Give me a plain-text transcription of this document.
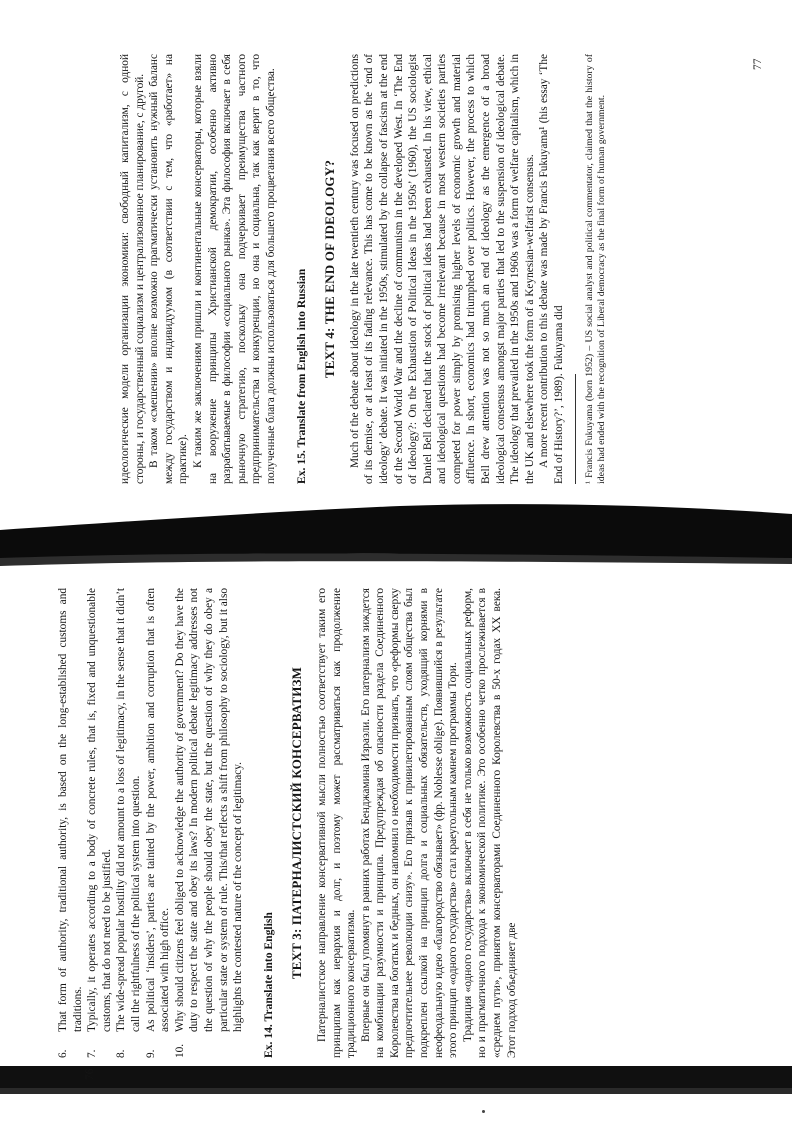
6.
That form of authority, traditional authority, is based on the long-established customs and traditions.
7.
Typically, it operates according to a body of concrete rules, that is, fixed and unquestionable customs, that do not need to be justified.
8.
The wide-spread popular hostility did not amount to a loss of legitimacy, in the sense that it didn’t call the rightfulness of the political system into question.
9.
As political ‘insiders’, parties are tainted by the power, ambition and corruption that is often associated with high office.
10.
Why should citizens feel obliged to acknowledge the authority of government? Do they have the duty to respect the state and obey its laws? In modern political debate legitimacy addresses not the question of why the people should obey the state, but the question of why they do obey a particular state or system of rule. This/that reflects a shift from philosophy to sociology, but it also highlights the contested nature of the concept of legitimacy. Ex. 14. Translate into English
TEXT 3: ПАТЕРНАЛИСТСКИЙ КОНСЕРВАТИЗМ Патерналистское направление консервативной мысли полностью соответствует таким его принципам как иерархия и долг, и поэтому может рассматриваться как продолжение традиционного консерватизма. Впервые он был упомянут в ранних работах Бенджамина Израэли. Его патернализм зиждется на комбинации разумности и принципа. Предупреждая об опасности раздела Соединенного Королевства на богатых и бедных, он напомнил о необходимости признать, что «реформы сверху предпочтительнее революции снизу». Его призыв к привилегированным слоям общества был подкреплен ссылкой на принцип долга и социальных обязательств, уходящий корнями в неофеодальную идею «благородство обязывает» (фр. Noblesse oblige). Появившийся в результате этого принцип «одного государства» стал краеугольным камнем программы Тори. Традиция «одного государства» включает в себя не только возможность социальных реформ, но и прагматичного подхода к экономической политике. Это особенно четко прослеживается в «среднем пути», принятом консерваторами Соединенного Королевства в 50-х годах XX века. Этот подход объединяет две

76

идеологические модели организации экономики: свободный капитализм, с одной стороны, и государственный социализм и централизованное планирование, с другой. В таком «смешении» вполне возможно прагматически установить нужный баланс между государством и индивидуумом (в соответствии с тем, что «работает» на практике). К таким же заключениям пришли и континентальные консерваторы, которые взяли на вооружение принципы Христианской демократии, особенно активно разрабатываемые в философии «социального рынка». Эта философия включает в себя рыночную стратегию, поскольку она подчеркивает преимущества частного предпринимательства и конкуренции, но она и социальна, так как верит в то, что полученные блага должны использоваться для большего процветания всего общества. Ex. 15. Translate from English into Russian TEXT 4: THE END OF IDEOLOGY? Much of the debate about ideology in the late twentieth century was focused on predictions of its demise, or at least of its fading relevance. This has come to be known as the ‘end of ideology’ debate. It was initiated in the 1950s, stimulated by the collapse of fascism at the end of the Second World War and the decline of communism in the developed West. In ‘The End of Ideology?: On the Exhaustion of Political Ideas in the 1950s’ (1960), the US sociologist Daniel Bell declared that the stock of political ideas had been exhausted. In his view, ethical and ideological questions had become irrelevant because in most western societies parties competed for power simply by promising higher levels of economic growth and material affluence. In short, economics had triumphed over politics. However, the process to which Bell drew attention was not so much an end of ideology as the emergence of a broad ideological consensus amongst major parties that led to the suspension of ideological debate. The ideology that prevailed in the 1950s and 1960s was a form of welfare capitalism, which in the UK and elsewhere took the form of a Keynesian-welfarist consensus. A more recent contribution to this debate was made by Francis Fukuyama¹ (his essay ‘The End of History?’, 1989). Fukuyama did ¹ Francis Fukuyama (born 1952) – US social analyst and political commentator, claimed that the history of ideas had ended with the recognition of Liberal democracy as the final form of human government.
77
